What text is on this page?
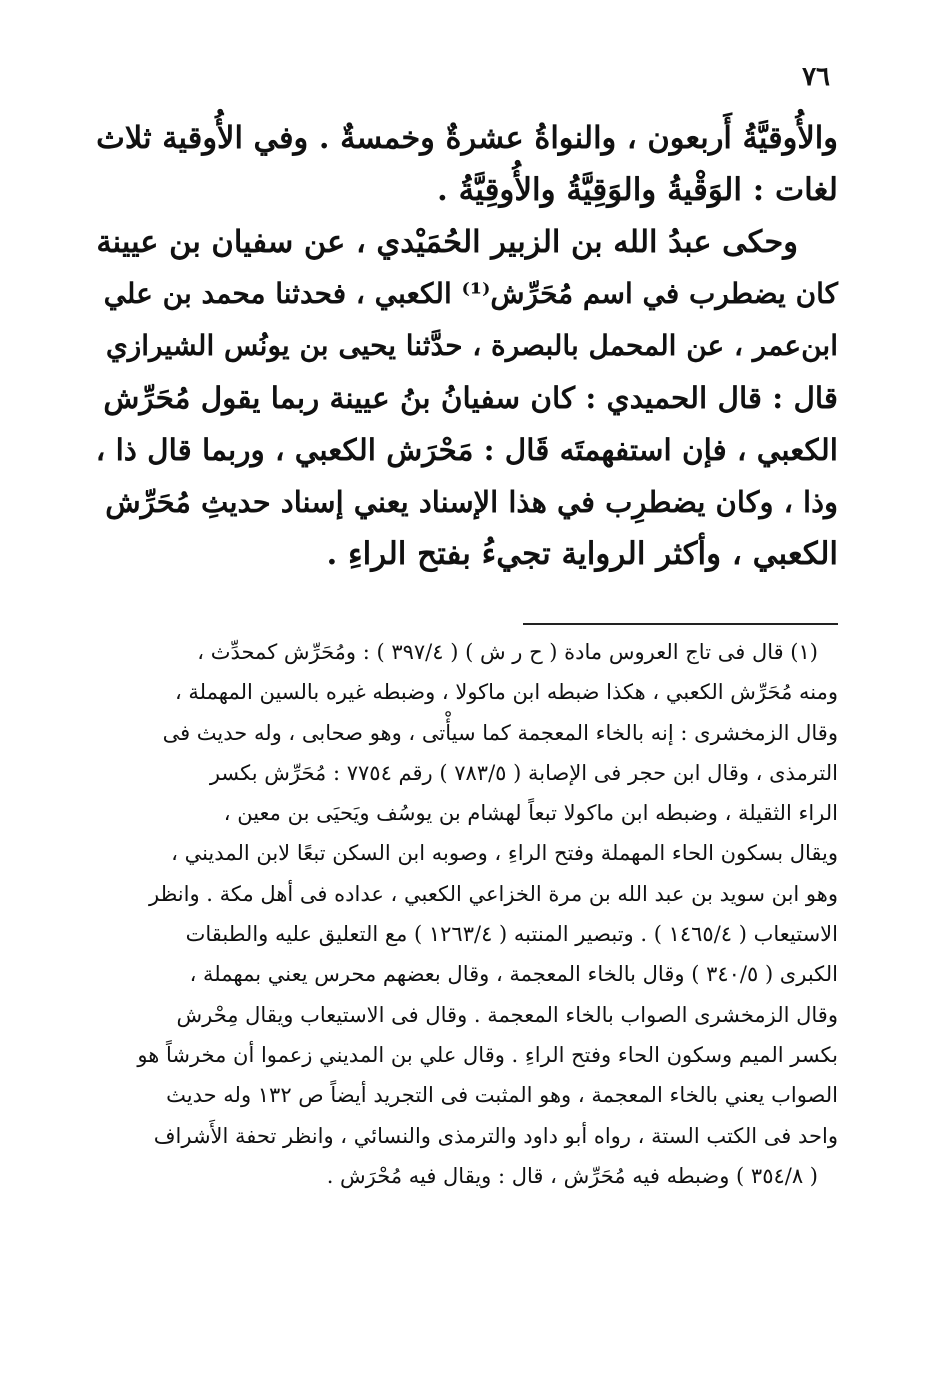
٧٦
والأُوقيَّةُ أَربعون ، والنواةُ عشرةٌ وخمسةٌ . وفي الأُوقية ثلاث
لغات : الوَقْيةُ والوَقِيَّةُ والأُوقِيَّةُ .
وحكى عبدُ الله بن الزبير الحُمَيْدي ، عن سفيان بن عيينة
كان يضطرب في اسم مُحَرِّش⁽¹⁾ الكعبي ، فحدثنا محمد بن علي
ابن‌عمر ، عن المحمل بالبصرة ، حدَّثنا يحيى بن يونُس الشيرازي
قال : قال الحميدي : كان سفيانُ بنُ عيينة ربما يقول مُحَرِّش
الكعبي ، فإن استفهمتَه قَال : مَحْرَش الكعبي ، وربما قال ذا ،
وذا ، وكان يضطرِب في هذا الإسناد يعني إسناد حديثِ مُحَرِّش
الكعبي ، وأكثر الرواية تجيءُ بفتح الراءِ .
(١) قال فى تاج العروس مادة ( ح ر ش ) ( ٣٩٧/٤ ) : ومُحَرِّش كمحدِّث ،
ومنه مُحَرِّش الكعبي ، هكذا ضبطه ابن ماكولا ، وضبطه غيره بالسين المهملة ،
وقال الزمخشرى : إنه بالخاء المعجمة كما سيأْتى ، وهو صحابى ، وله حديث فى
الترمذى ، وقال ابن حجر فى الإصابة ( ٧٨٣/٥ ) رقم ٧٧٥٤ : مُحَرِّش بكسر
الراء الثقيلة ، وضبطه ابن ماكولا تبعاً لهشام بن يوسُف ويَحيَى بن معين ،
ويقال بسكون الحاء المهملة وفتح الراءِ ، وصوبه ابن السكن تبعًا لابن المديني ،
وهو ابن سويد بن عبد الله بن مرة الخزاعي الكعبي ، عداده فى أهل مكة . وانظر
الاستيعاب ( ١٤٦٥/٤ ) . وتبصير المنتبه ( ١٢٦٣/٤ ) مع التعليق عليه والطبقات
الكبرى ( ٣٤٠/٥ ) وقال بالخاء المعجمة ، وقال بعضهم محرس يعني بمهملة ،
وقال الزمخشرى الصواب بالخاء المعجمة . وقال فى الاستيعاب ويقال مِحْرش
بكسر الميم وسكون الحاء وفتح الراءِ . وقال علي بن المديني زعموا أن مخرشاً هو
الصواب يعني بالخاء المعجمة ، وهو المثبت فى التجريد أيضاً ص ١٣٢ وله حديث
واحد فى الكتب الستة ، رواه أبو داود والترمذى والنسائي ، وانظر تحفة الأَشراف
( ٣٥٤/٨ ) وضبطه فيه مُحَرِّش ، قال : ويقال فيه مُحْرَش .
